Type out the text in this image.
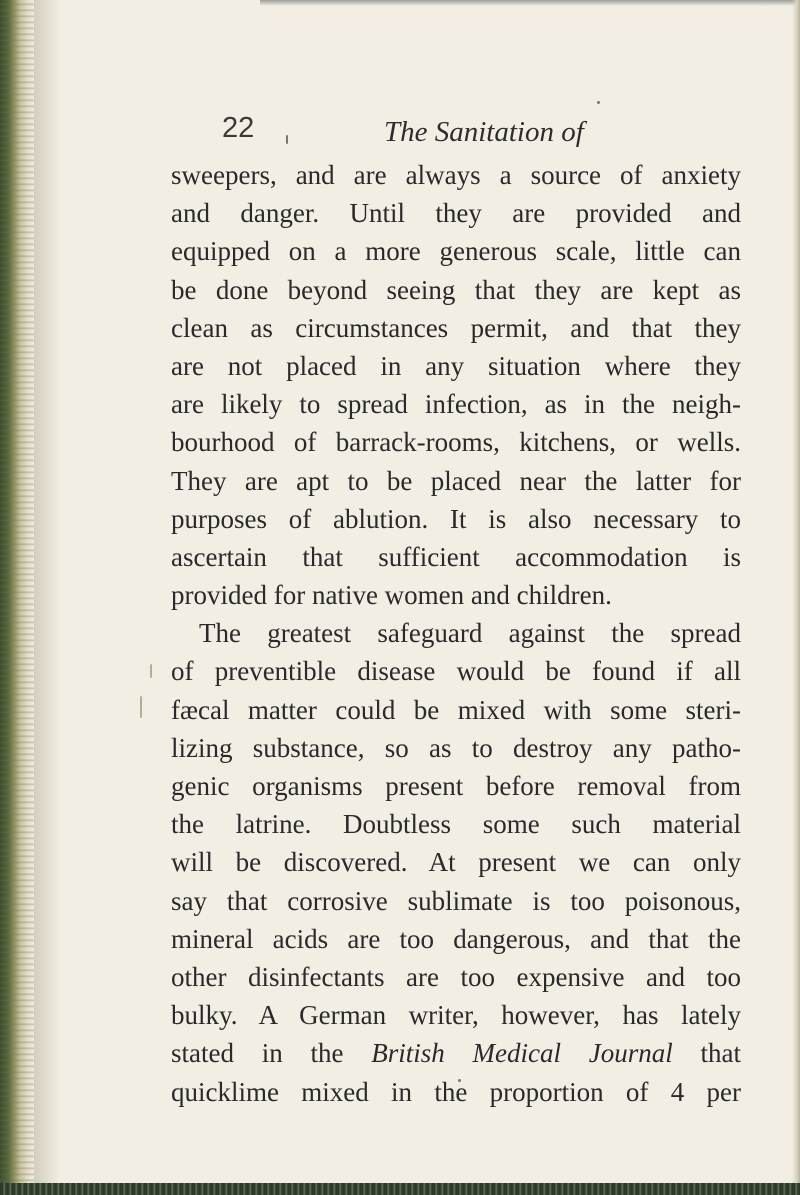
22	The Sanitation of
sweepers, and are always a source of anxiety
and danger. Until they are provided and
equipped on a more generous scale, little can
be done beyond seeing that they are kept as
clean as circumstances permit, and that they
are not placed in any situation where they
are likely to spread infection, as in the neigh-
bourhood of barrack-rooms, kitchens, or wells.
They are apt to be placed near the latter for
purposes of ablution. It is also necessary to
ascertain that sufficient accommodation is
provided for native women and children.
The greatest safeguard against the spread
of preventible disease would be found if all
fæcal matter could be mixed with some steri-
lizing substance, so as to destroy any patho-
genic organisms present before removal from
the latrine. Doubtless some such material
will be discovered. At present we can only
say that corrosive sublimate is too poisonous,
mineral acids are too dangerous, and that the
other disinfectants are too expensive and too
bulky. A German writer, however, has lately
stated in the British Medical Journal that
quicklime mixed in the proportion of 4 per
